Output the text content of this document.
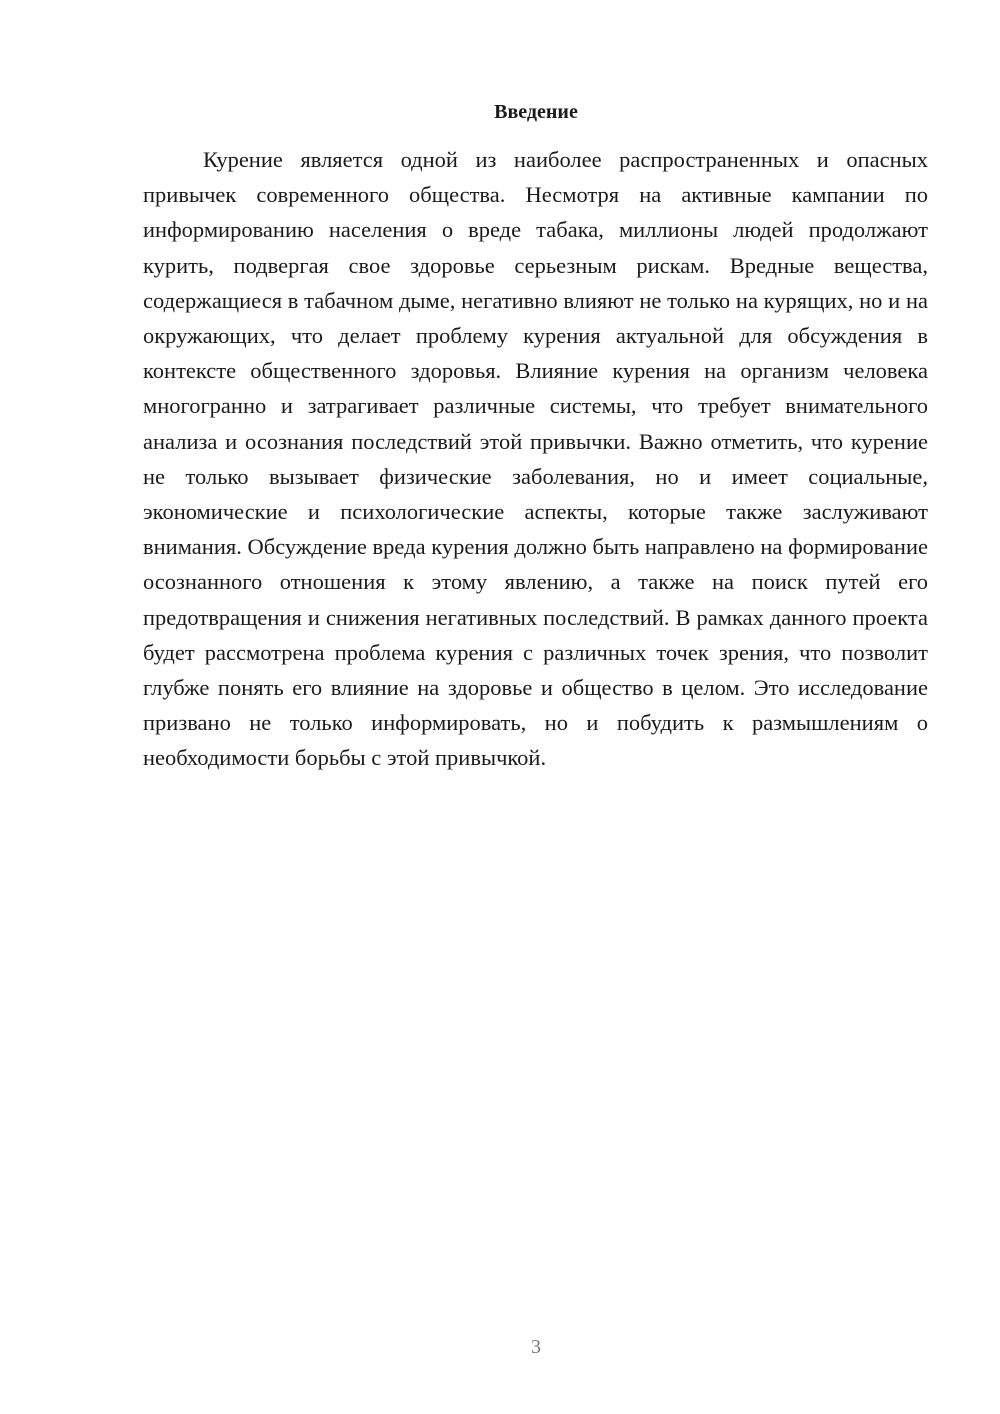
Введение

Курение является одной из наиболее распространенных и опасных привычек современного общества. Несмотря на активные кампании по информированию населения о вреде табака, миллионы людей продолжают курить, подвергая свое здоровье серьезным рискам. Вредные вещества, содержащиеся в табачном дыме, негативно влияют не только на курящих, но и на окружающих, что делает проблему курения актуальной для обсуждения в контексте общественного здоровья. Влияние курения на организм человека многогранно и затрагивает различные системы, что требует внимательного анализа и осознания последствий этой привычки. Важно отметить, что курение не только вызывает физические заболевания, но и имеет социальные, экономические и психологические аспекты, которые также заслуживают внимания. Обсуждение вреда курения должно быть направлено на формирование осознанного отношения к этому явлению, а также на поиск путей его предотвращения и снижения негативных последствий. В рамках данного проекта будет рассмотрена проблема курения с различных точек зрения, что позволит глубже понять его влияние на здоровье и общество в целом. Это исследование призвано не только информировать, но и побудить к размышлениям о необходимости борьбы с этой привычкой.

3
